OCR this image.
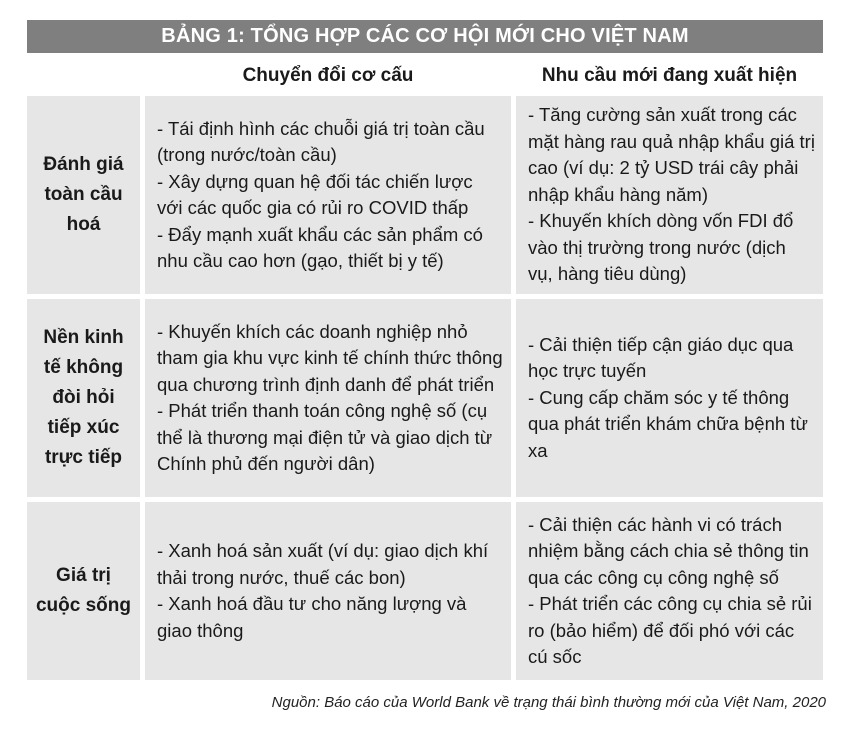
BẢNG 1: TỔNG HỢP CÁC CƠ HỘI MỚI CHO VIỆT NAM
Chuyển đổi cơ cấu	Nhu cầu mới đang xuất hiện
Đánh giá toàn cầu hoá

- Tái định hình các chuỗi giá trị toàn cầu (trong nước/toàn cầu)

- Xây dựng quan hệ đối tác chiến lược với các quốc gia có rủi ro COVID thấp

- Đẩy mạnh xuất khẩu các sản phẩm có nhu cầu cao hơn (gạo, thiết bị y tế)

- Tăng cường sản xuất trong các mặt hàng rau quả nhập khẩu giá trị cao (ví dụ: 2 tỷ USD trái cây phải nhập khẩu hàng năm)

- Khuyến khích dòng vốn FDI đổ vào thị trường trong nước (dịch vụ, hàng tiêu dùng)

Nền kinh tế không đòi hỏi tiếp xúc trực tiếp

- Khuyến khích các doanh nghiệp nhỏ tham gia khu vực kinh tế chính thức thông qua chương trình định danh để phát triển

- Phát triển thanh toán công nghệ số (cụ thể là thương mại điện tử và giao dịch từ Chính phủ đến người dân)

- Cải thiện tiếp cận giáo dục qua học trực tuyến

- Cung cấp chăm sóc y tế thông qua phát triển khám chữa bệnh từ xa

Giá trị cuộc sống

- Xanh hoá sản xuất (ví dụ: giao dịch khí thải trong nước, thuế các bon)

- Xanh hoá đầu tư cho năng lượng và giao thông

- Cải thiện các hành vi có trách nhiệm bằng cách chia sẻ thông tin qua các công cụ công nghệ số

- Phát triển các công cụ chia sẻ rủi ro (bảo hiểm) để đối phó với các cú sốc

Nguồn: Báo cáo của World Bank về trạng thái bình thường mới của Việt Nam, 2020
